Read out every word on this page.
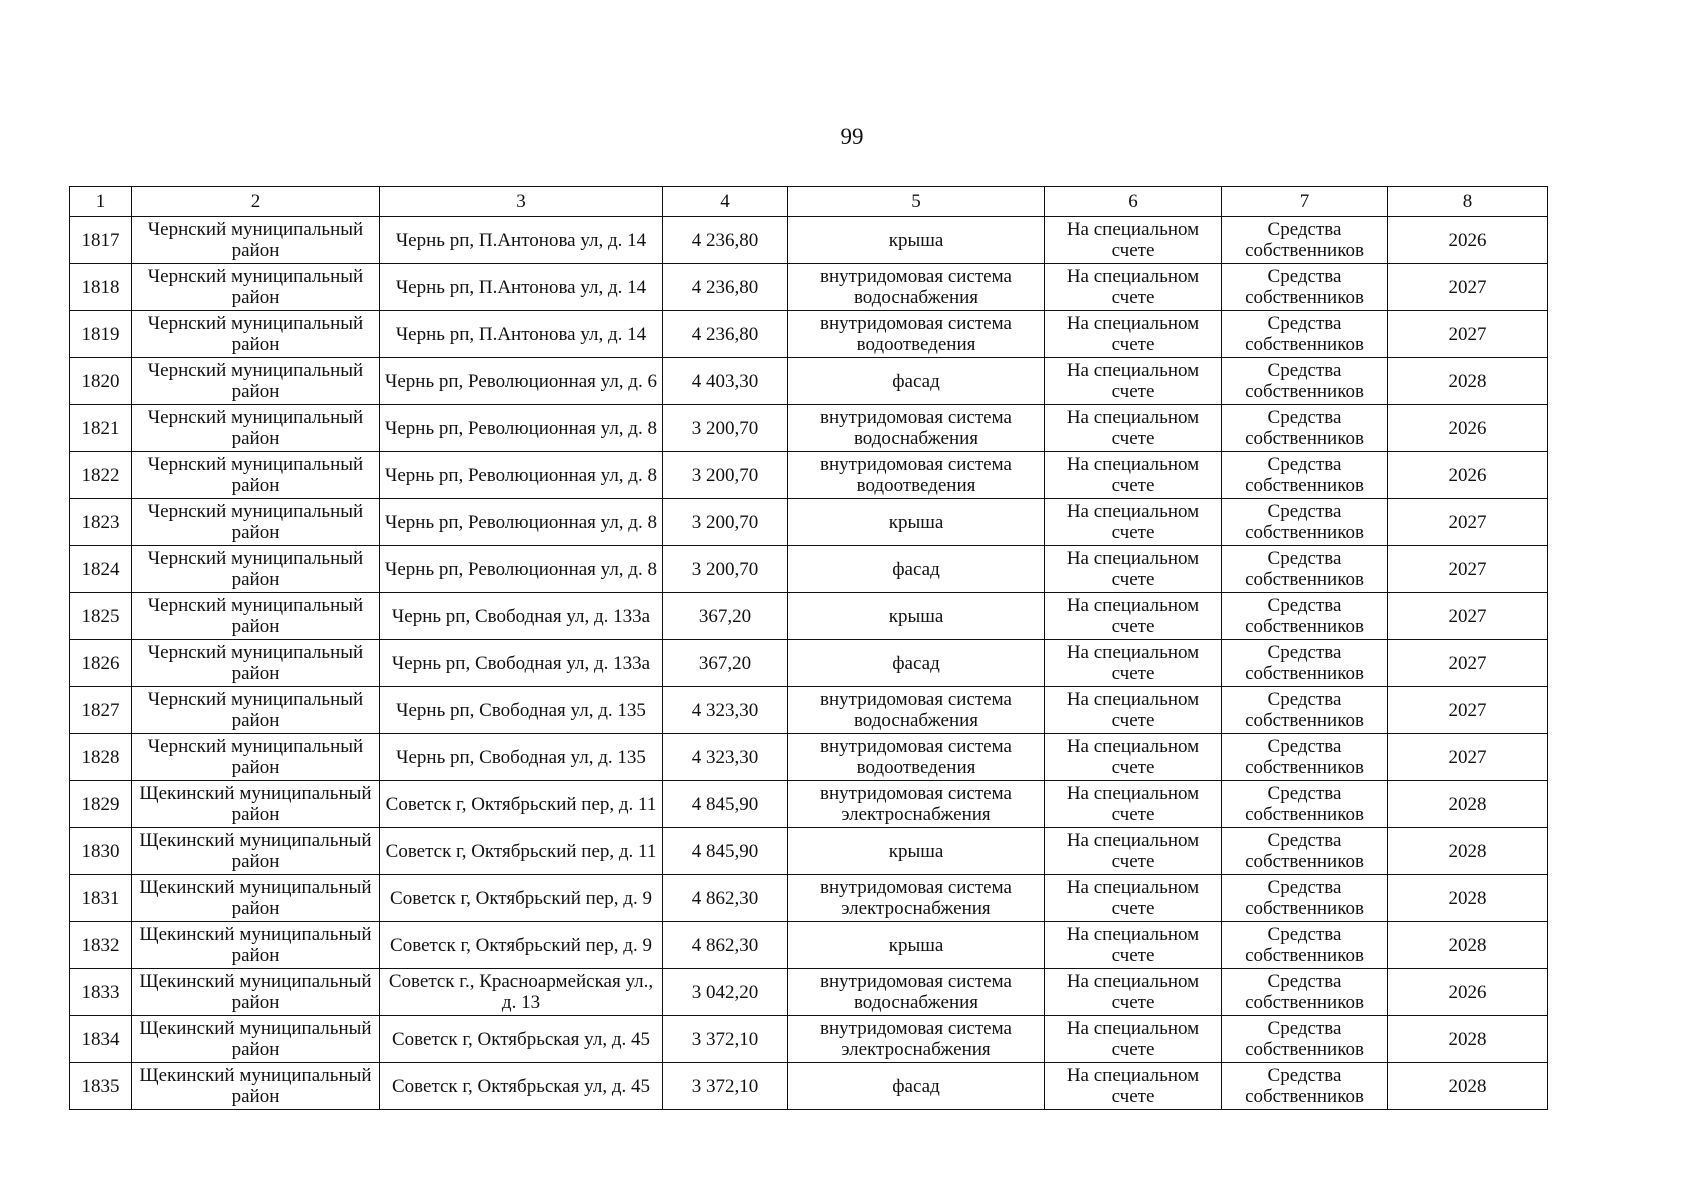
99
1	2	3	4	5	6	7	8
1817	Чернский муниципальный район	Чернь рп, П.Антонова ул, д. 14	4 236,80	крыша	На специальном счете	Средства собственников	2026
1818	Чернский муниципальный район	Чернь рп, П.Антонова ул, д. 14	4 236,80	внутридомовая система водоснабжения	На специальном счете	Средства собственников	2027
1819	Чернский муниципальный район	Чернь рп, П.Антонова ул, д. 14	4 236,80	внутридомовая система водоотведения	На специальном счете	Средства собственников	2027
1820	Чернский муниципальный район	Чернь рп, Революционная ул, д. 6	4 403,30	фасад	На специальном счете	Средства собственников	2028
1821	Чернский муниципальный район	Чернь рп, Революционная ул, д. 8	3 200,70	внутридомовая система водоснабжения	На специальном счете	Средства собственников	2026
1822	Чернский муниципальный район	Чернь рп, Революционная ул, д. 8	3 200,70	внутридомовая система водоотведения	На специальном счете	Средства собственников	2026
1823	Чернский муниципальный район	Чернь рп, Революционная ул, д. 8	3 200,70	крыша	На специальном счете	Средства собственников	2027
1824	Чернский муниципальный район	Чернь рп, Революционная ул, д. 8	3 200,70	фасад	На специальном счете	Средства собственников	2027
1825	Чернский муниципальный район	Чернь рп, Свободная ул, д. 133а	367,20	крыша	На специальном счете	Средства собственников	2027
1826	Чернский муниципальный район	Чернь рп, Свободная ул, д. 133а	367,20	фасад	На специальном счете	Средства собственников	2027
1827	Чернский муниципальный район	Чернь рп, Свободная ул, д. 135	4 323,30	внутридомовая система водоснабжения	На специальном счете	Средства собственников	2027
1828	Чернский муниципальный район	Чернь рп, Свободная ул, д. 135	4 323,30	внутридомовая система водоотведения	На специальном счете	Средства собственников	2027
1829	Щекинский муниципальный район	Советск г, Октябрьский пер, д. 11	4 845,90	внутридомовая система электроснабжения	На специальном счете	Средства собственников	2028
1830	Щекинский муниципальный район	Советск г, Октябрьский пер, д. 11	4 845,90	крыша	На специальном счете	Средства собственников	2028
1831	Щекинский муниципальный район	Советск г, Октябрьский пер, д. 9	4 862,30	внутридомовая система электроснабжения	На специальном счете	Средства собственников	2028
1832	Щекинский муниципальный район	Советск г, Октябрьский пер, д. 9	4 862,30	крыша	На специальном счете	Средства собственников	2028
1833	Щекинский муниципальный район	Советск г., Красноармейская ул., д. 13	3 042,20	внутридомовая система водоснабжения	На специальном счете	Средства собственников	2026
1834	Щекинский муниципальный район	Советск г, Октябрьская ул, д. 45	3 372,10	внутридомовая система электроснабжения	На специальном счете	Средства собственников	2028
1835	Щекинский муниципальный район	Советск г, Октябрьская ул, д. 45	3 372,10	фасад	На специальном счете	Средства собственников	2028
